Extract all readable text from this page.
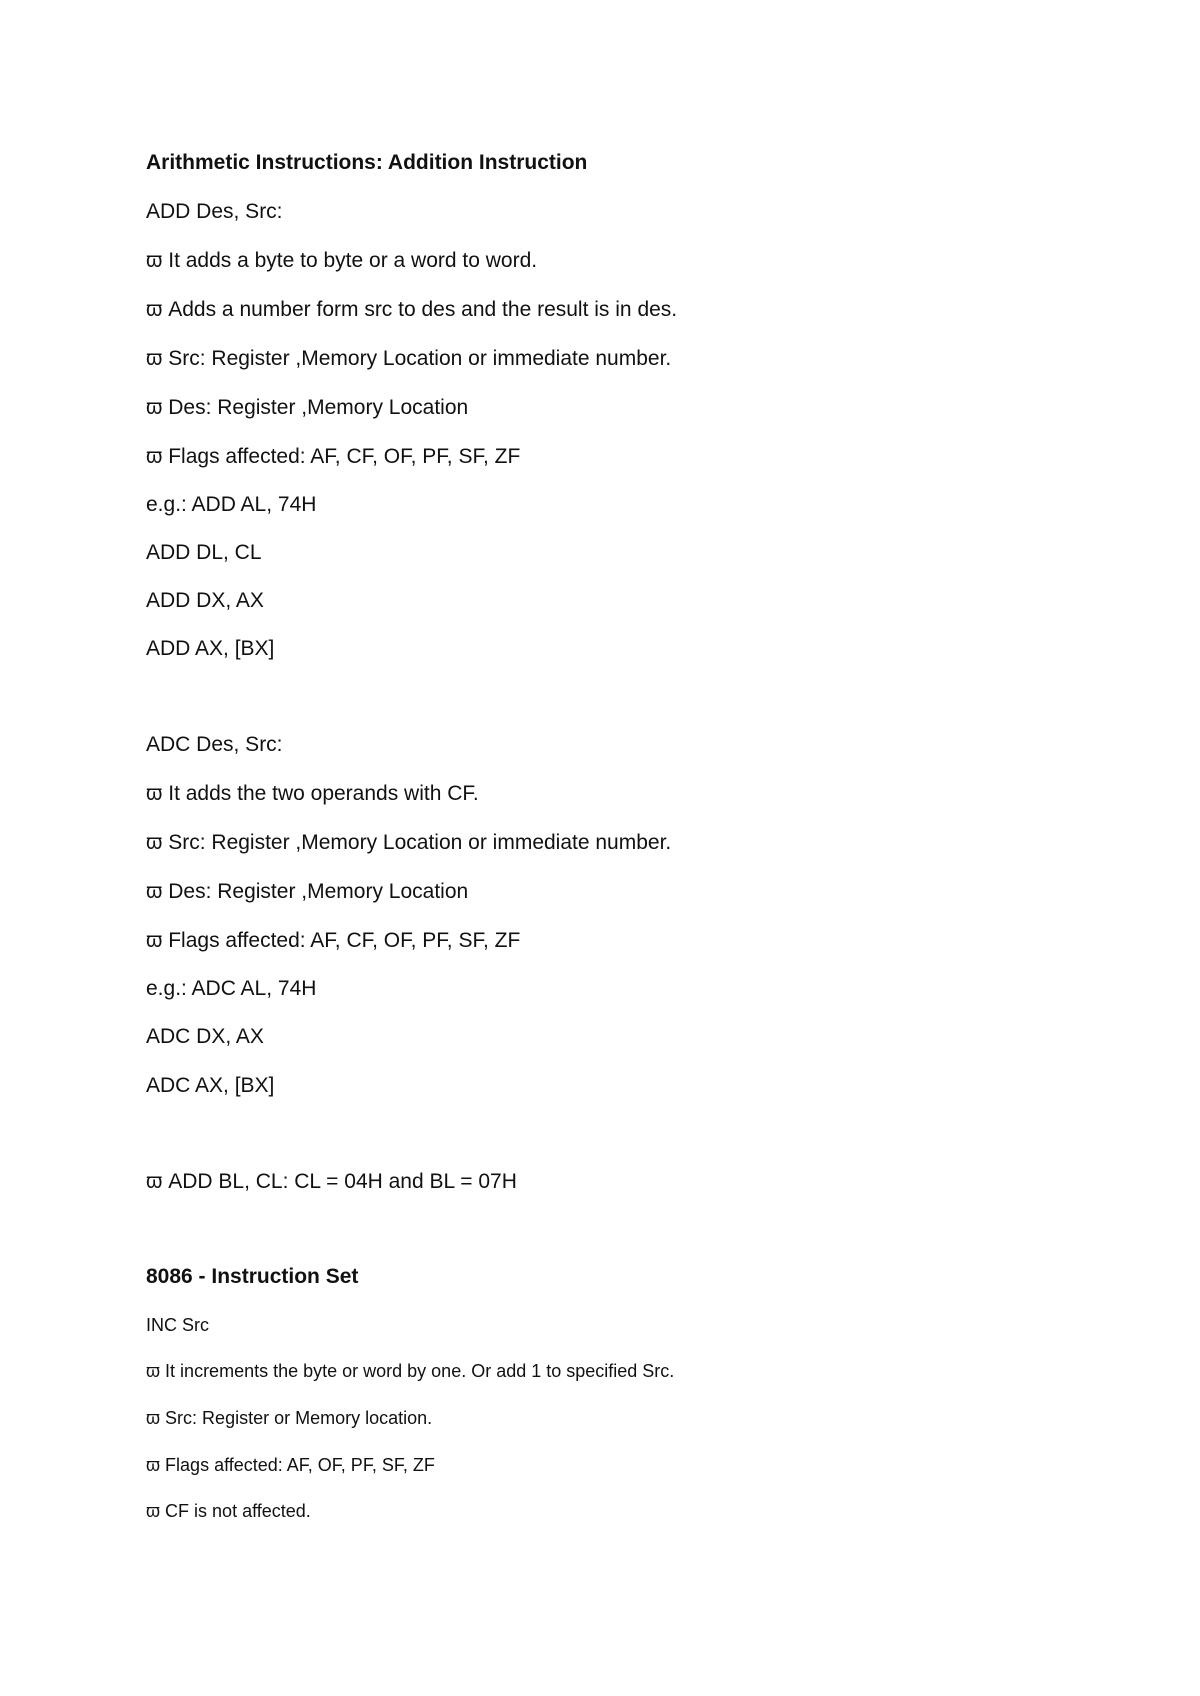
Arithmetic Instructions: Addition Instruction
ADD Des, Src:
ϖ It adds a byte to byte or a word to word.
ϖ Adds a number form src to des and the result is in des.
ϖ Src: Register ,Memory Location or immediate number.
ϖ Des: Register ,Memory Location
ϖ Flags affected: AF, CF, OF, PF, SF, ZF
e.g.: ADD AL, 74H
ADD DL, CL
ADD DX, AX
ADD AX, [BX]
ADC Des, Src:
ϖ It adds the two operands with CF.
ϖ Src: Register ,Memory Location or immediate number.
ϖ Des: Register ,Memory Location
ϖ Flags affected: AF, CF, OF, PF, SF, ZF
e.g.: ADC AL, 74H
ADC DX, AX
ADC AX, [BX]
ϖ ADD BL, CL: CL = 04H and BL = 07H
8086 - Instruction Set
INC Src
ϖ It increments the byte or word by one. Or add 1 to specified Src.
ϖ Src: Register or Memory location.
ϖ Flags affected: AF, OF, PF, SF, ZF
ϖ CF is not affected.
